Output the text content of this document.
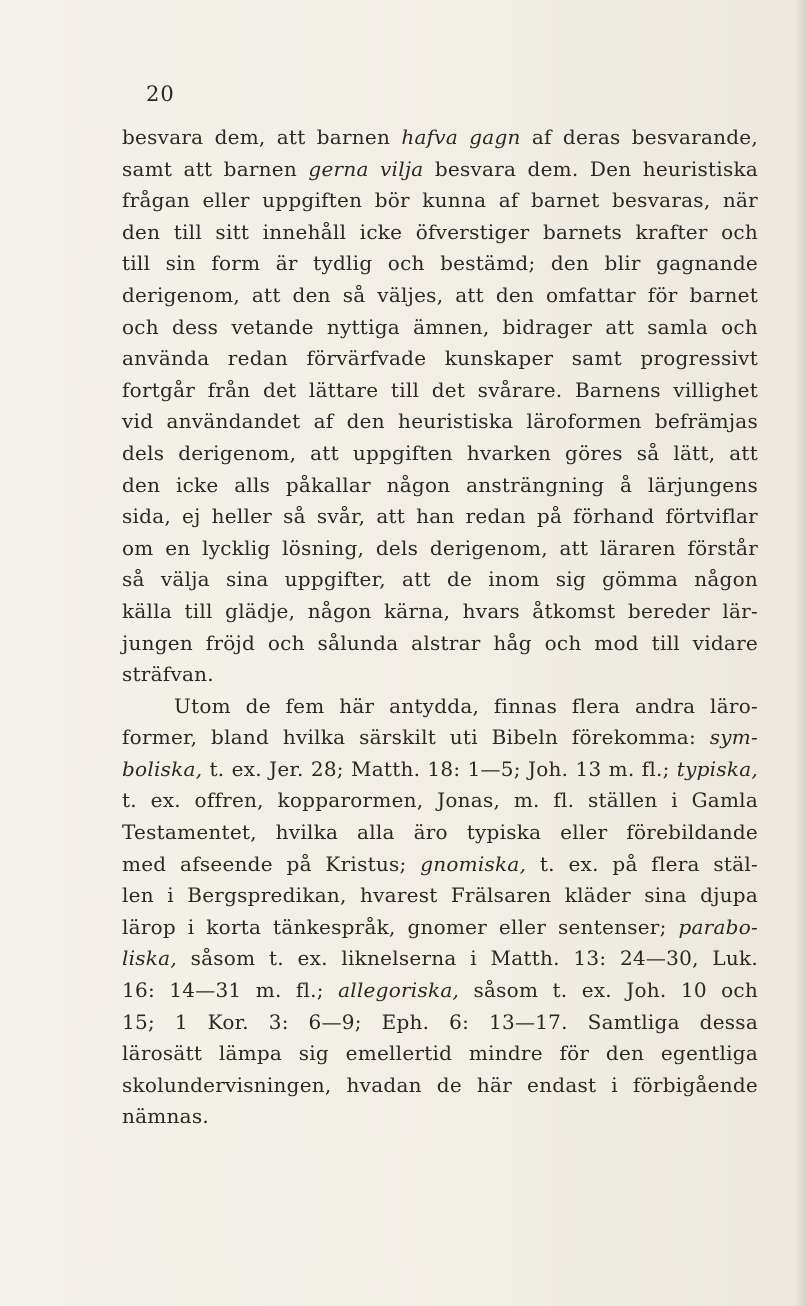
20
besvara dem, att barnen hafva gagn af deras besvarande,
samt att barnen gerna vilja besvara dem. Den heuristiska
frågan eller uppgiften bör kunna af barnet besvaras, när
den till sitt innehåll icke öfverstiger barnets krafter och
till sin form är tydlig och bestämd; den blir gagnande
derigenom, att den så väljes, att den omfattar för barnet
och dess vetande nyttiga ämnen, bidrager att samla och
använda redan förvärfvade kunskaper samt progressivt
fortgår från det lättare till det svårare. Barnens villighet
vid användandet af den heuristiska läroformen befrämjas
dels derigenom, att uppgiften hvarken göres så lätt, att
den icke alls påkallar någon ansträngning å lärjungens
sida, ej heller så svår, att han redan på förhand förtviflar
om en lycklig lösning, dels derigenom, att läraren förstår
så välja sina uppgifter, att de inom sig gömma någon
källa till glädje, någon kärna, hvars åtkomst bereder lär-
jungen fröjd och sålunda alstrar håg och mod till vidare
sträfvan.
Utom de fem här antydda, finnas flera andra läro-
former, bland hvilka särskilt uti Bibeln förekomma: sym-
boliska, t. ex. Jer. 28; Matth. 18: 1—5; Joh. 13 m. fl.; typiska,
t. ex. offren, kopparormen, Jonas, m. fl. ställen i Gamla
Testamentet, hvilka alla äro typiska eller förebildande
med afseende på Kristus; gnomiska, t. ex. på flera stäl-
len i Bergspredikan, hvarest Frälsaren kläder sina djupa
lärор i korta tänkespråk, gnomer eller sentenser; parabo-
liska, såsom t. ex. liknelserna i Matth. 13: 24—30, Luk.
16: 14—31 m. fl.; allegoriska, såsom t. ex. Joh. 10 och
15; 1 Kor. 3: 6—9; Eph. 6: 13—17. Samtliga dessa
lärosätt lämpa sig emellertid mindre för den egentliga
skolundervisningen, hvadan de här endast i förbigående
nämnas.
